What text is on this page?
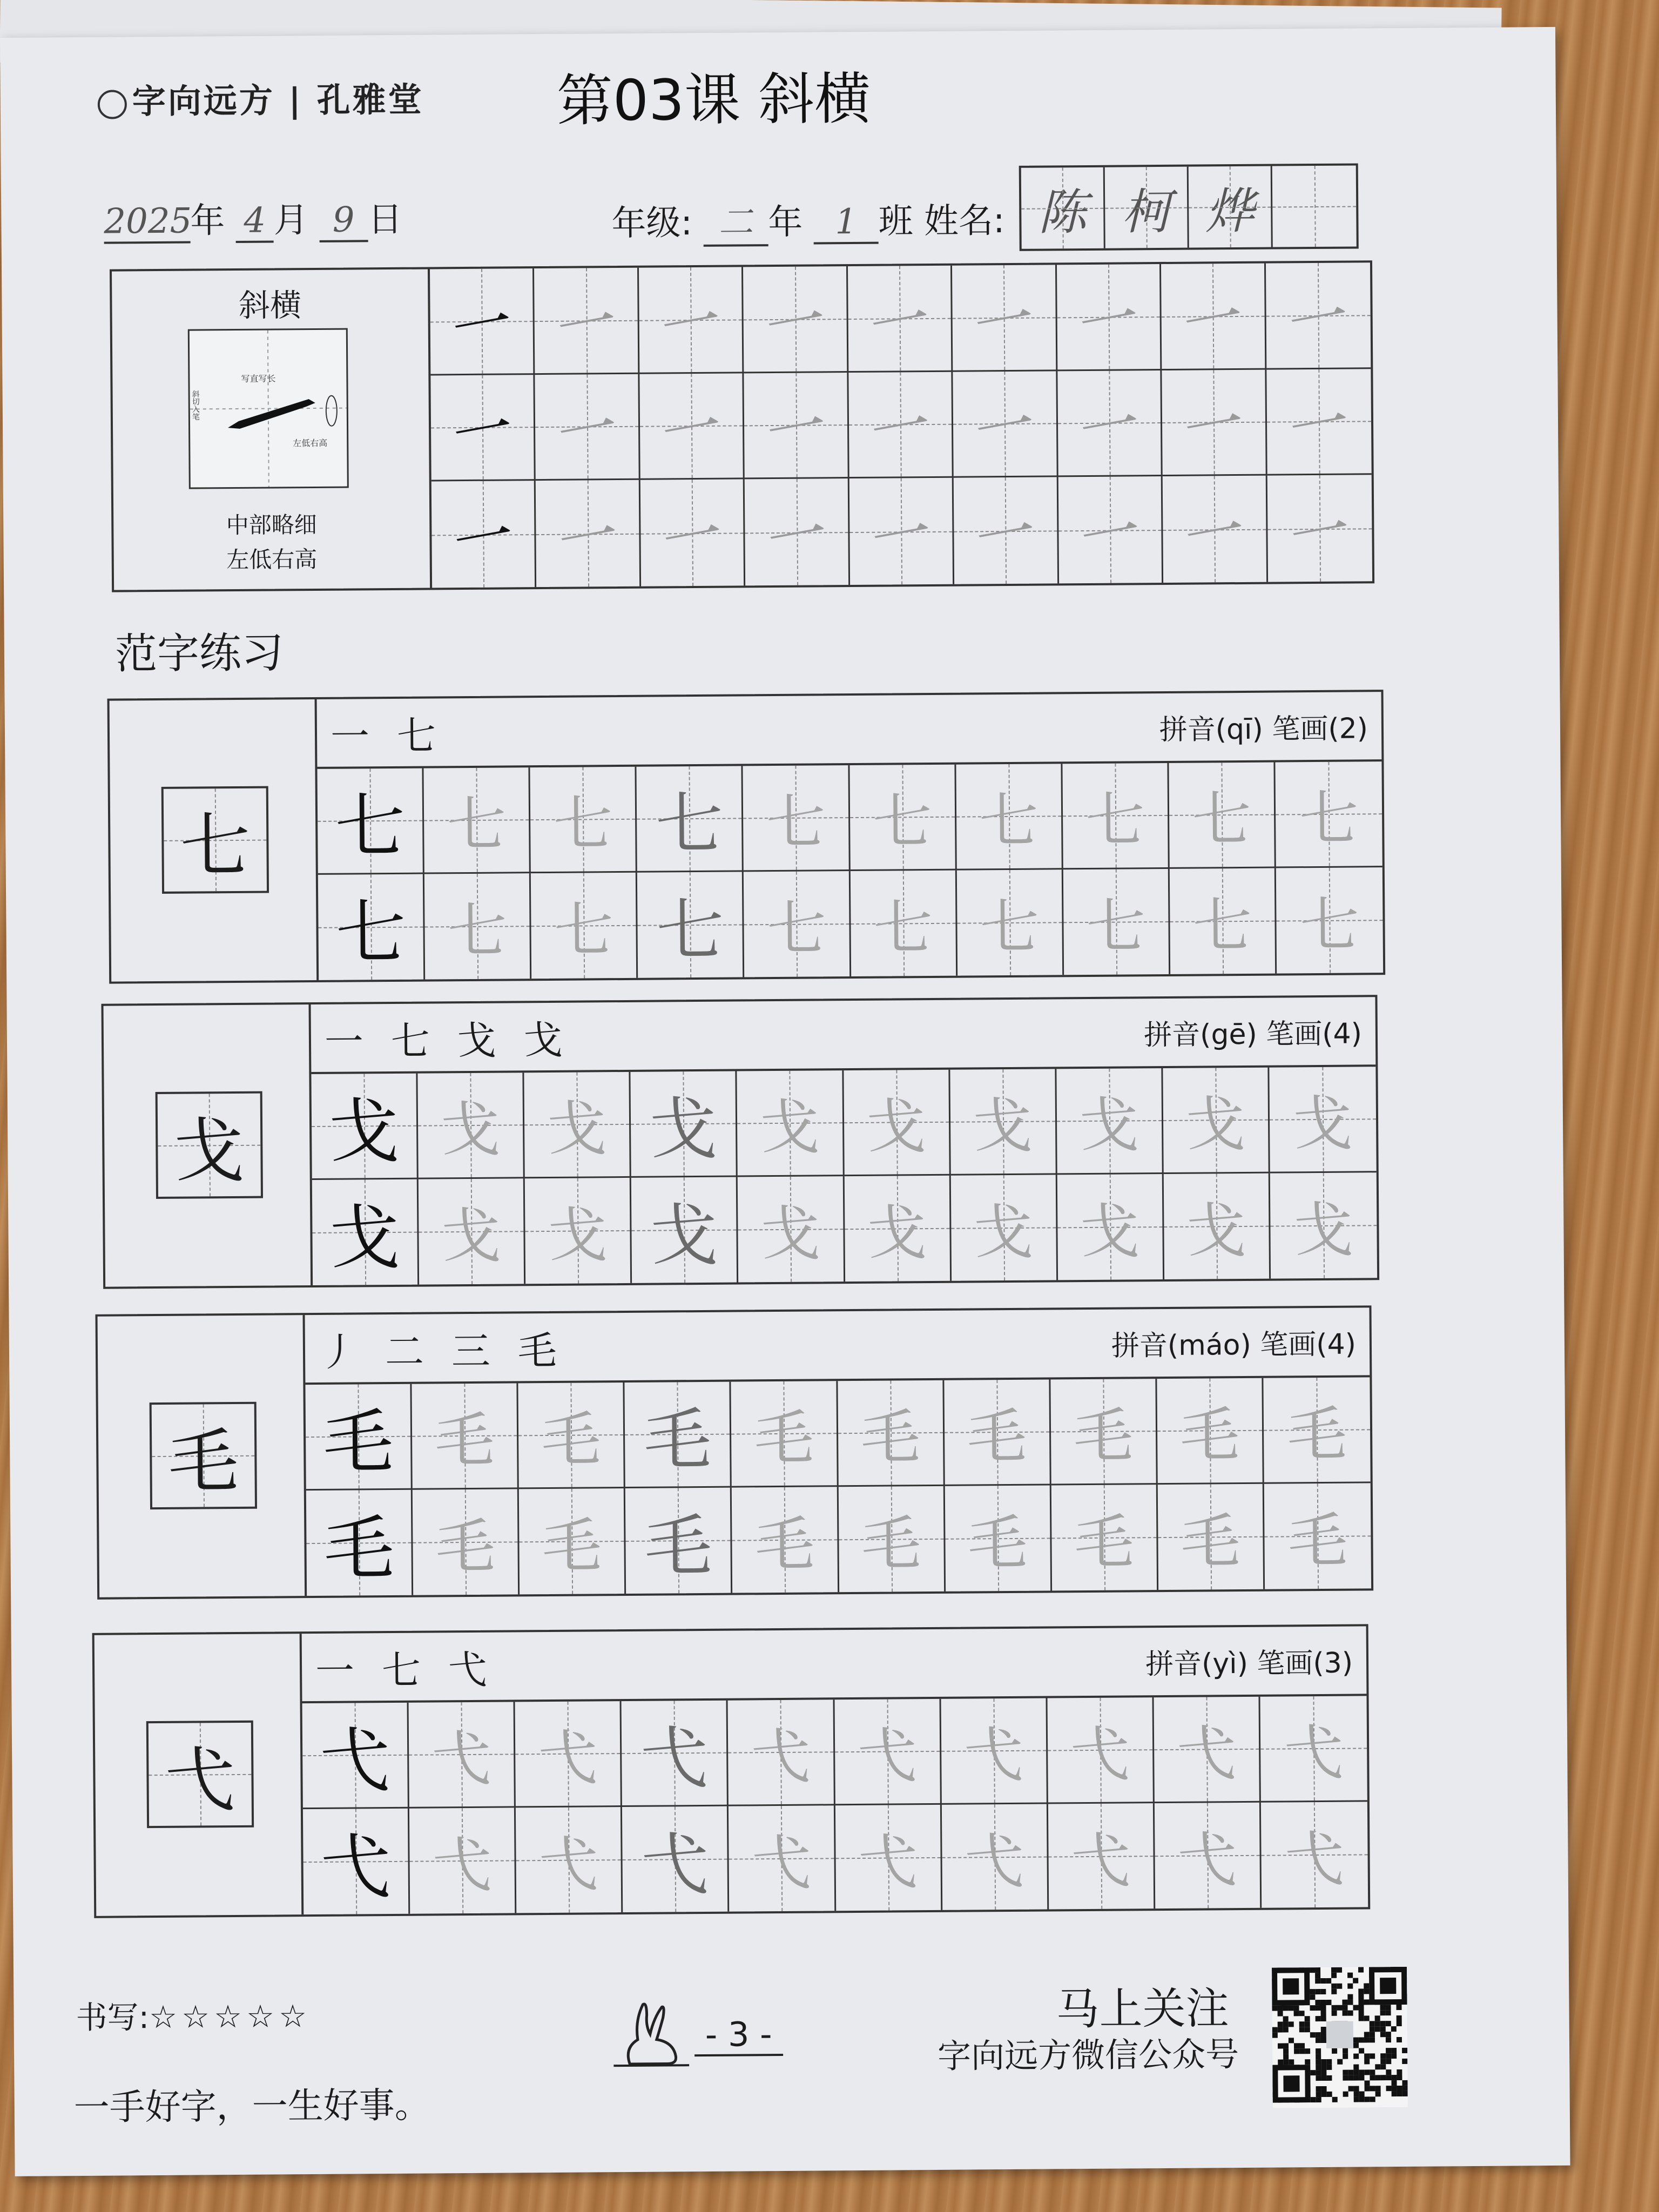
字向远方 | 孔雅堂 第03课 斜横
2025年 4 月 9 日	年级: 二 年 1 班 姓名: 陈 柯 烨
斜横
写直写长
斜切入笔
左低右高
中部略细
左低右高
一 一 一 一 一 一 一 一 一
一 一 一 一 一 一 一 一 一
一 一 一 一 一 一 一 一 一
范字练习
七
一 七	拼音(qī) 笔画(2)
七 七 七 七 七 七 七 七 七 七
七 七 七 七 七 七 七 七 七 七
戈
一 七 戈 戈	拼音(gē) 笔画(4)
戈 戈 戈 戈 戈 戈 戈 戈 戈 戈
戈 戈 戈 戈 戈 戈 戈 戈 戈 戈
毛
丿 二 三 毛	拼音(máo) 笔画(4)
毛 毛 毛 毛 毛 毛 毛 毛 毛 毛
毛 毛 毛 毛 毛 毛 毛 毛 毛 毛
弋
一 七 弋	拼音(yì) 笔画(3)
弋 弋 弋 弋 弋 弋 弋 弋 弋 弋
弋 弋 弋 弋 弋 弋 弋 弋 弋 弋
书写:☆☆☆☆☆
一手好字，一生好事。
- 3 -	马上关注
字向远方微信公众号
